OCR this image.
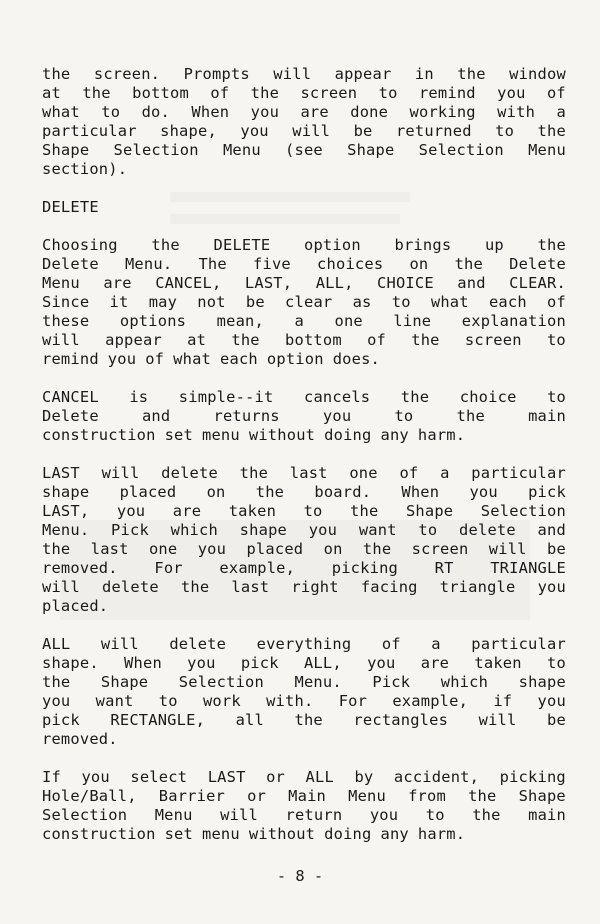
the screen. Prompts will appear in the window
at the bottom of the screen to remind you of
what to do. When you are done working with a
particular shape, you will be returned to the
Shape Selection Menu (see Shape Selection Menu
section).
DELETE
Choosing the DELETE option brings up the
Delete Menu. The five choices on the Delete
Menu are CANCEL, LAST, ALL, CHOICE and CLEAR.
Since it may not be clear as to what each of
these options mean, a one line explanation
will appear at the bottom of the screen to
remind you of what each option does.
CANCEL is simple--it cancels the choice to
Delete	and	returns	you	to	the	main
construction set menu without doing any harm.
LAST will delete the last one of a particular
shape placed on the board. When you pick
LAST, you are taken to the Shape Selection
Menu. Pick which shape you want to delete and
the last one you placed on the screen will be
removed. For example, picking RT TRIANGLE
will delete the last right facing triangle you
placed.
ALL will delete everything of a particular
shape. When you pick ALL, you are taken to
the Shape Selection Menu. Pick which shape
you want to work with. For example, if you
pick RECTANGLE, all the rectangles will be
removed.
If you select LAST or ALL by accident, picking
Hole/Ball, Barrier or Main Menu from the Shape
Selection Menu will return you to the main
construction set menu without doing any harm.
- 8 -
